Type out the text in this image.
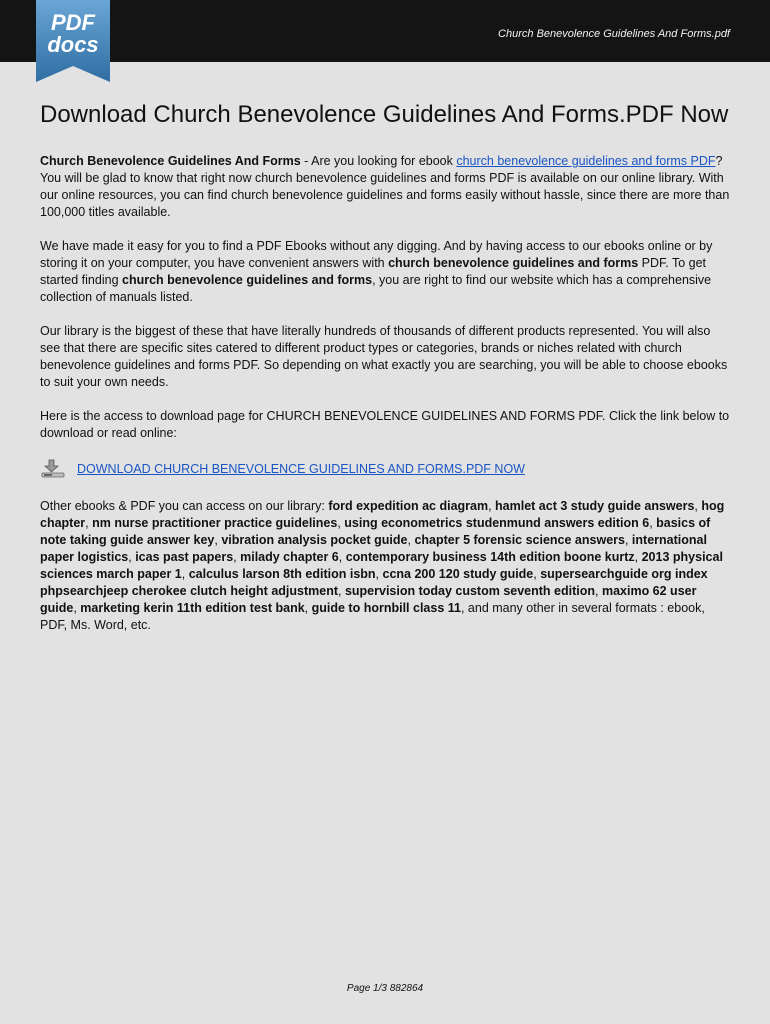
PDF
docs	Church Benevolence Guidelines And Forms.pdf
Download Church Benevolence Guidelines And Forms.PDF Now

Church Benevolence Guidelines And Forms - Are you looking for ebook church benevolence guidelines and forms PDF? You will be glad to know that right now church benevolence guidelines and forms PDF is available on our online library. With our online resources, you can find church benevolence guidelines and forms easily without hassle, since there are more than 100,000 titles available.

We have made it easy for you to find a PDF Ebooks without any digging. And by having access to our ebooks online or by storing it on your computer, you have convenient answers with church benevolence guidelines and forms PDF. To get started finding church benevolence guidelines and forms, you are right to find our website which has a comprehensive collection of manuals listed.

Our library is the biggest of these that have literally hundreds of thousands of different products represented. You will also see that there are specific sites catered to different product types or categories, brands or niches related with church benevolence guidelines and forms PDF. So depending on what exactly you are searching, you will be able to choose ebooks to suit your own needs.

Here is the access to download page for CHURCH BENEVOLENCE GUIDELINES AND FORMS PDF. Click the link below to download or read online:

DOWNLOAD CHURCH BENEVOLENCE GUIDELINES AND FORMS.PDF NOW

Other ebooks & PDF you can access on our library: ford expedition ac diagram, hamlet act 3 study guide answers, hog chapter, nm nurse practitioner practice guidelines, using econometrics studenmund answers edition 6, basics of note taking guide answer key, vibration analysis pocket guide, chapter 5 forensic science answers, international paper logistics, icas past papers, milady chapter 6, contemporary business 14th edition boone kurtz, 2013 physical sciences march paper 1, calculus larson 8th edition isbn, ccna 200 120 study guide, supersearchguide org index phpsearchjeep cherokee clutch height adjustment, supervision today custom seventh edition, maximo 62 user guide, marketing kerin 11th edition test bank, guide to hornbill class 11, and many other in several formats : ebook, PDF, Ms. Word, etc.

Page 1/3 882864
